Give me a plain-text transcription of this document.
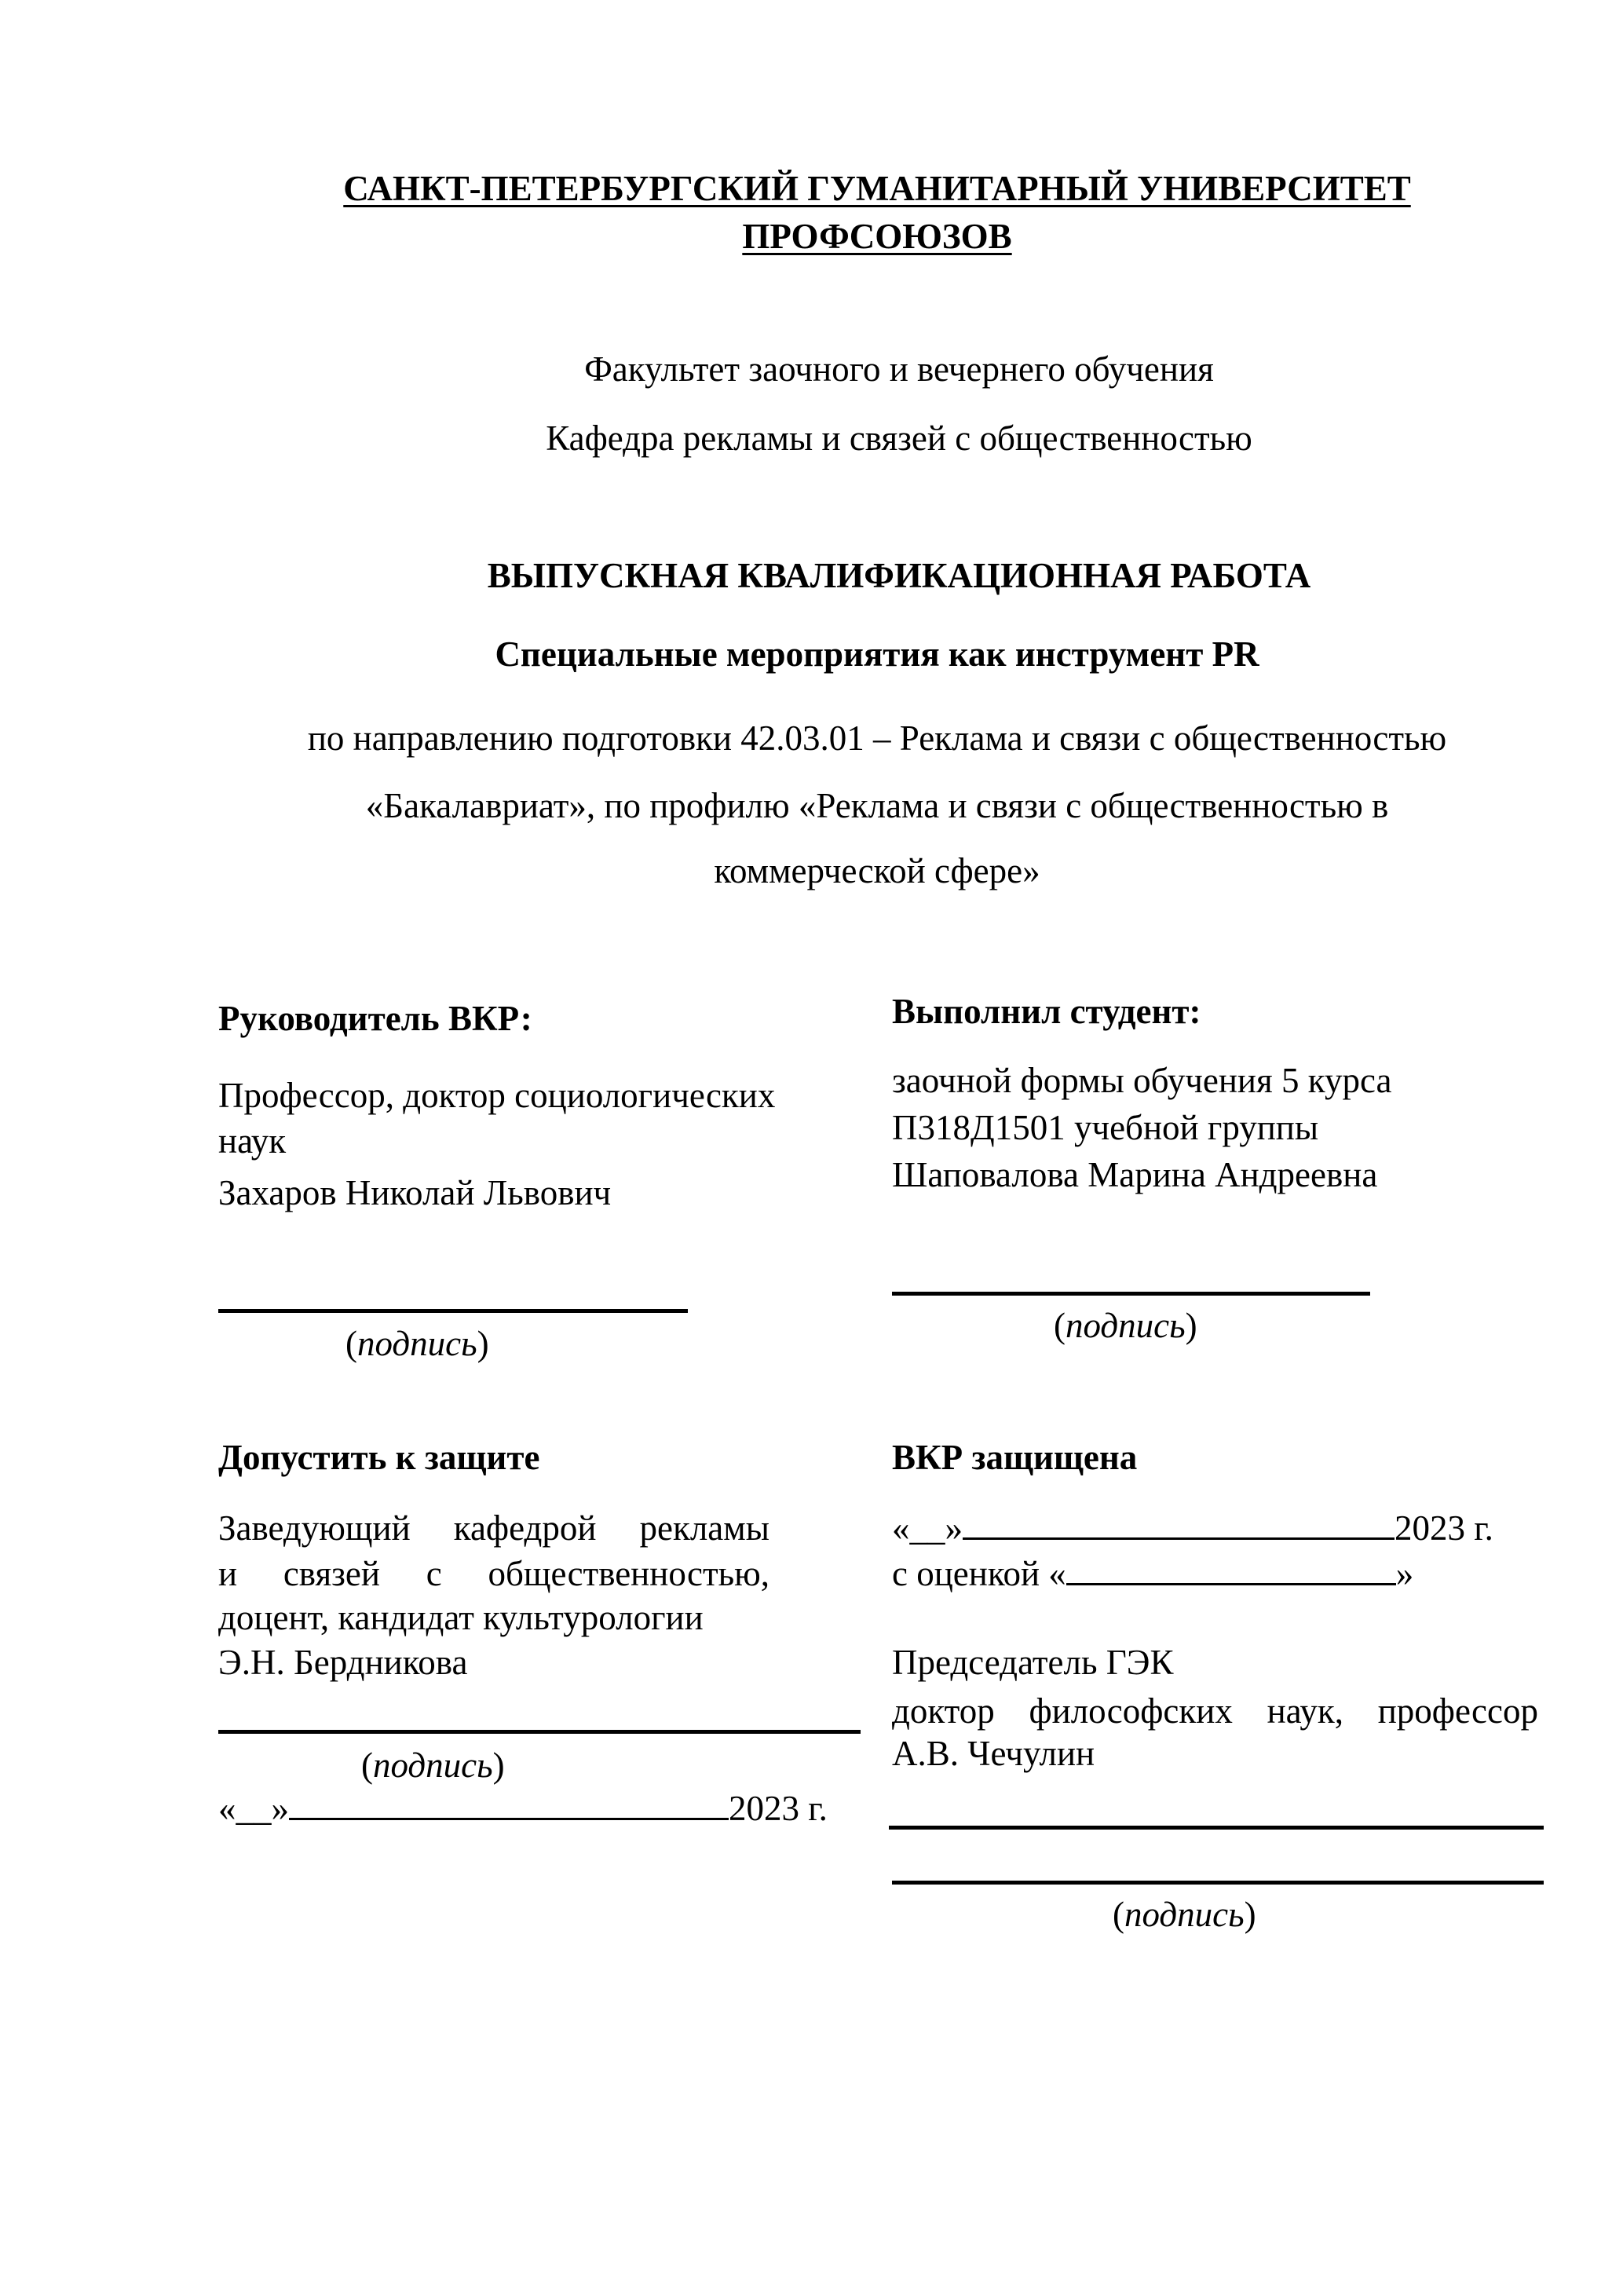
САНКТ-ПЕТЕРБУРГСКИЙ ГУМАНИТАРНЫЙ УНИВЕРСИТЕТ
ПРОФСОЮЗОВ
Факультет заочного и вечернего обучения
Кафедра рекламы и связей с общественностью
ВЫПУСКНАЯ КВАЛИФИКАЦИОННАЯ РАБОТА
Специальные мероприятия как инструмент PR
по направлению подготовки 42.03.01 – Реклама и связи с общественностью
«Бакалавриат», по профилю «Реклама и связи с общественностью в
коммерческой сфере»
Руководитель ВКР:
Профессор, доктор социологических
наук
Захаров Николай Львович
(подпись)
Выполнил студент:
заочной формы обучения 5 курса
П318Д1501 учебной группы
Шаповалова Марина Андреевна
(подпись)
Допустить к защите
Заведующий кафедрой рекламы
и связей с общественностью,
доцент, кандидат культурологии
Э.Н. Бердникова
(подпись)
«__»	2023 г.
ВКР защищена
«__»	2023 г.
с оценкой «	»
Председатель ГЭК
доктор философских наук, профессор
А.В. Чечулин
(подпись)
